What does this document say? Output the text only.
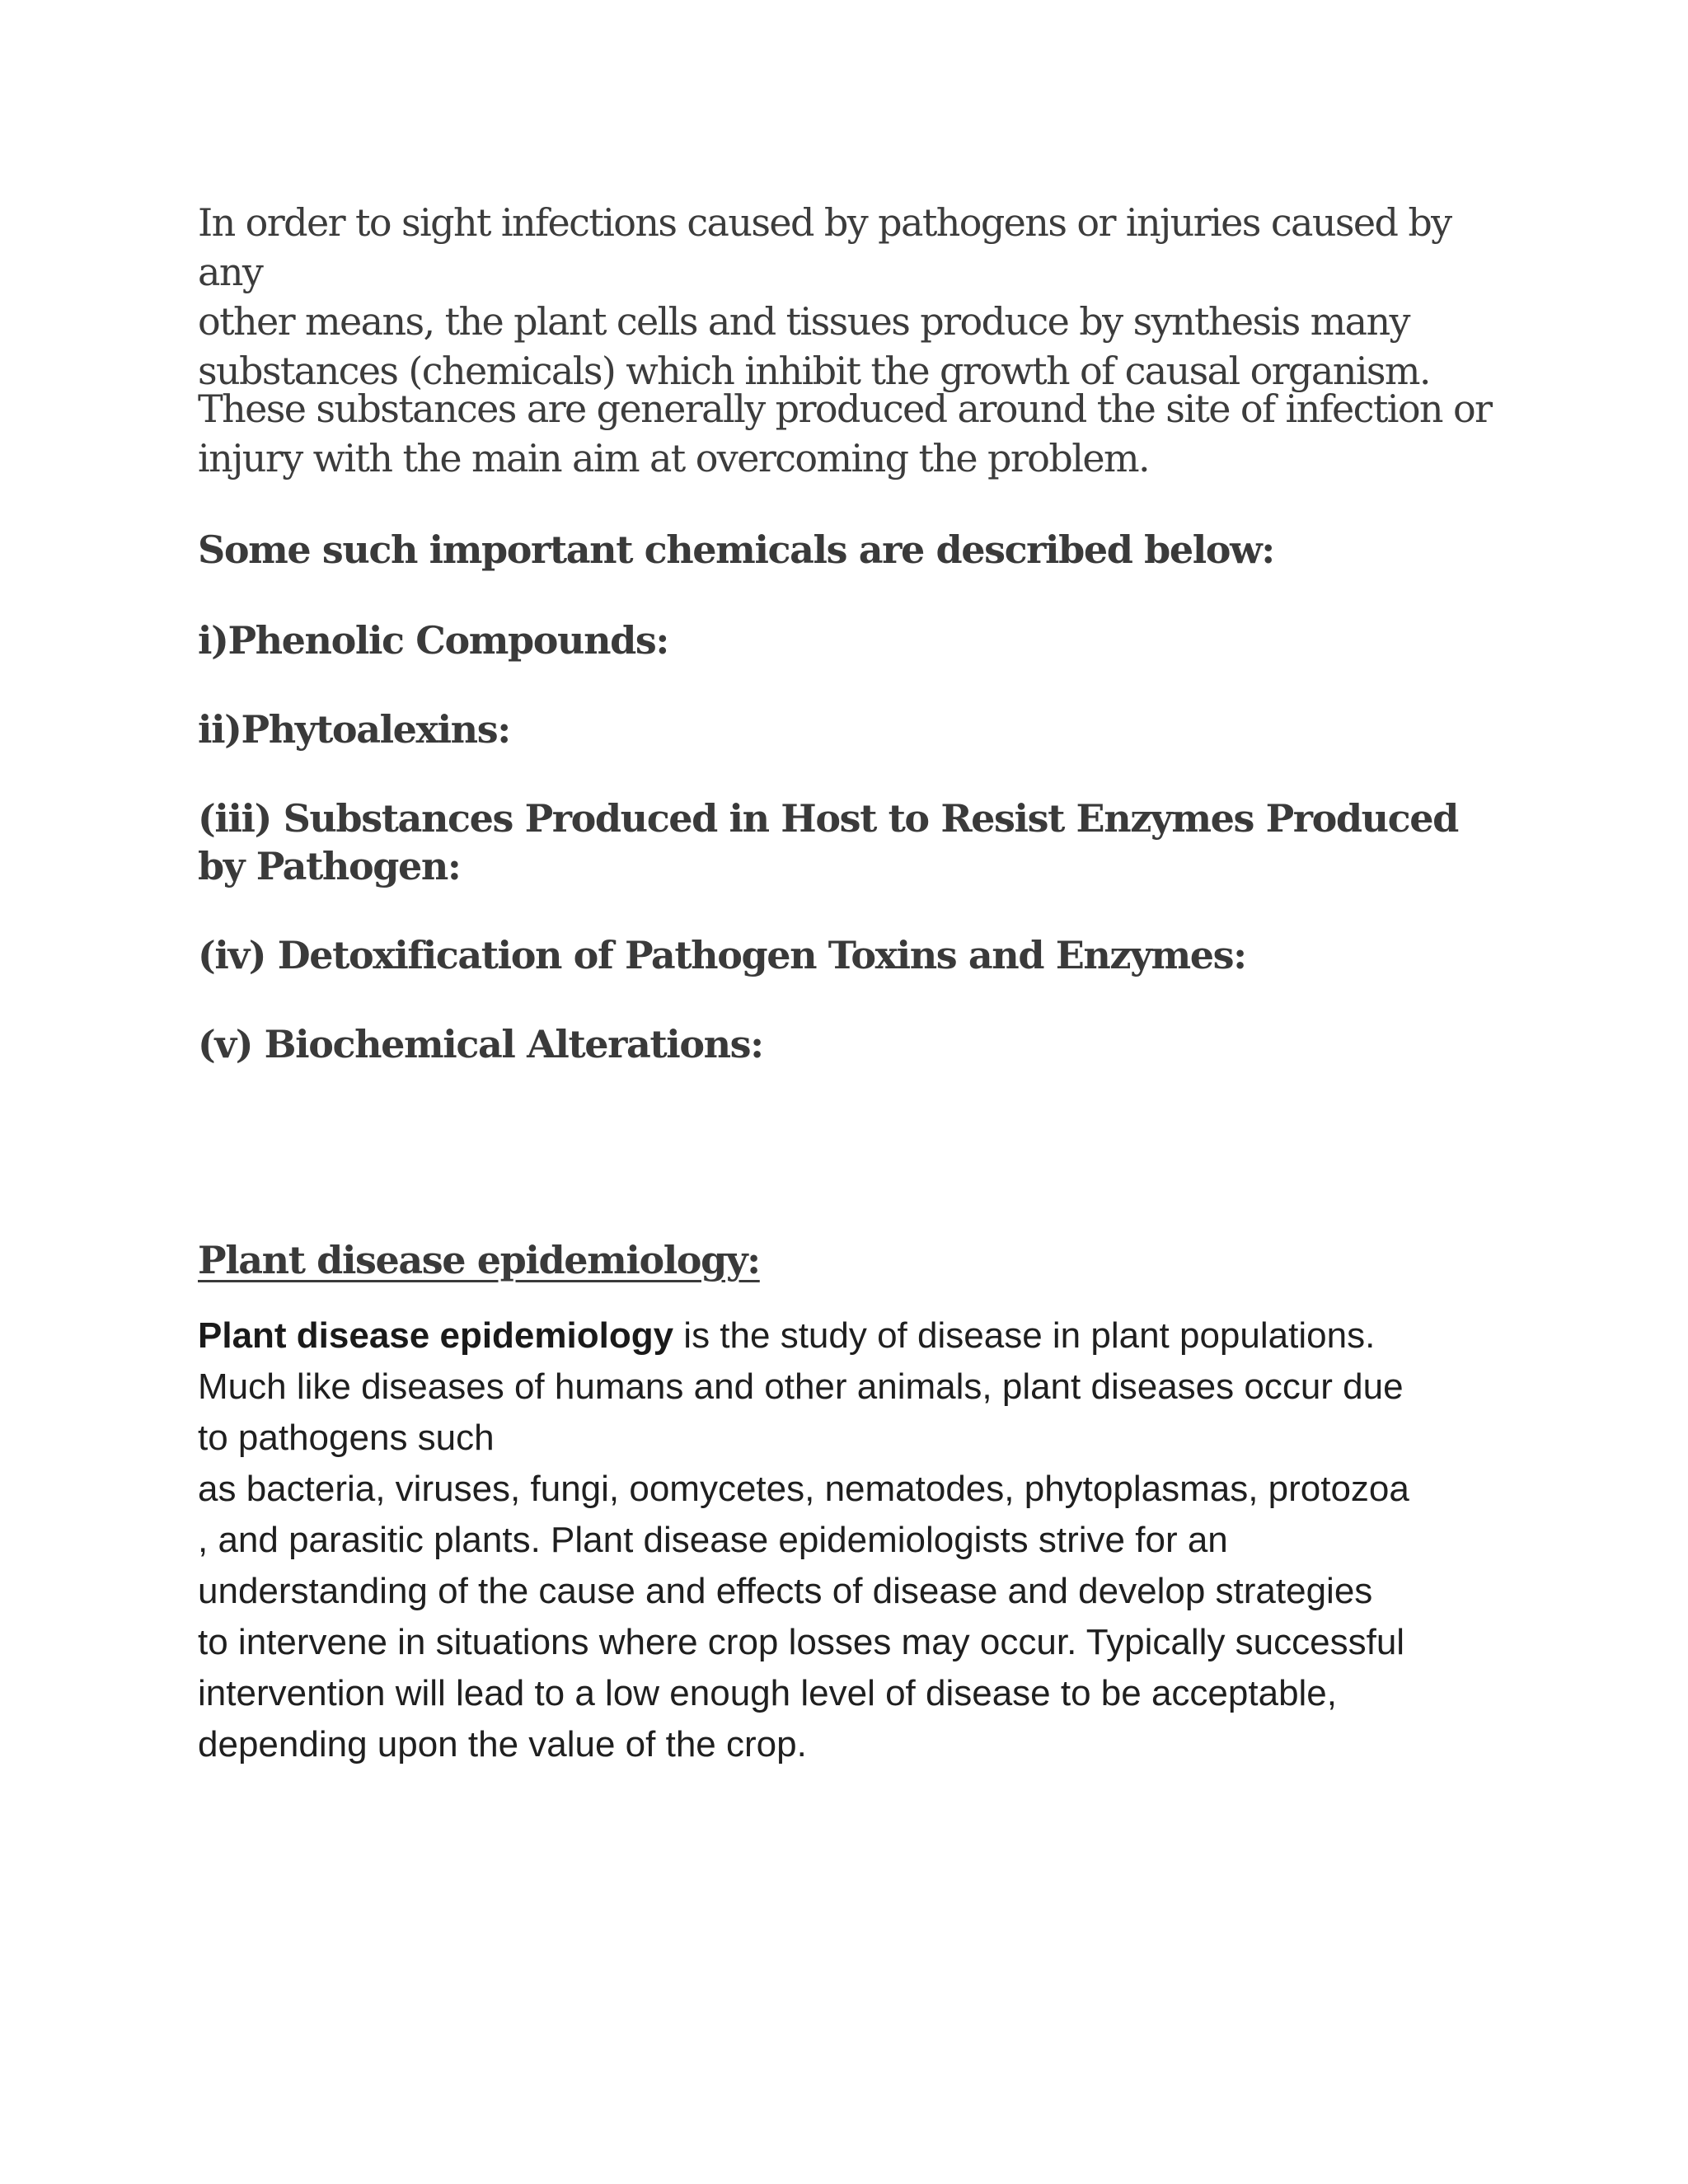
In order to sight infections caused by pathogens or injuries caused by any

other means, the plant cells and tissues produce by synthesis many

substances (chemicals) which inhibit the growth of causal organism.

These substances are generally produced around the site of infection or

injury with the main aim at overcoming the problem.

Some such important chemicals are described below:

i)Phenolic Compounds:

ii)Phytoalexins:

(iii) Substances Produced in Host to Resist Enzymes Produced

by Pathogen:

(iv) Detoxification of Pathogen Toxins and Enzymes:

(v) Biochemical Alterations:

Plant disease epidemiology:

Plant disease epidemiology is the study of disease in plant populations.
Much like diseases of humans and other animals, plant diseases occur due
to pathogens such
as bacteria, viruses, fungi, oomycetes, nematodes, phytoplasmas, protozoa
, and parasitic plants. Plant disease epidemiologists strive for an
understanding of the cause and effects of disease and develop strategies
to intervene in situations where crop losses may occur. Typically successful
intervention will lead to a low enough level of disease to be acceptable,
depending upon the value of the crop.
